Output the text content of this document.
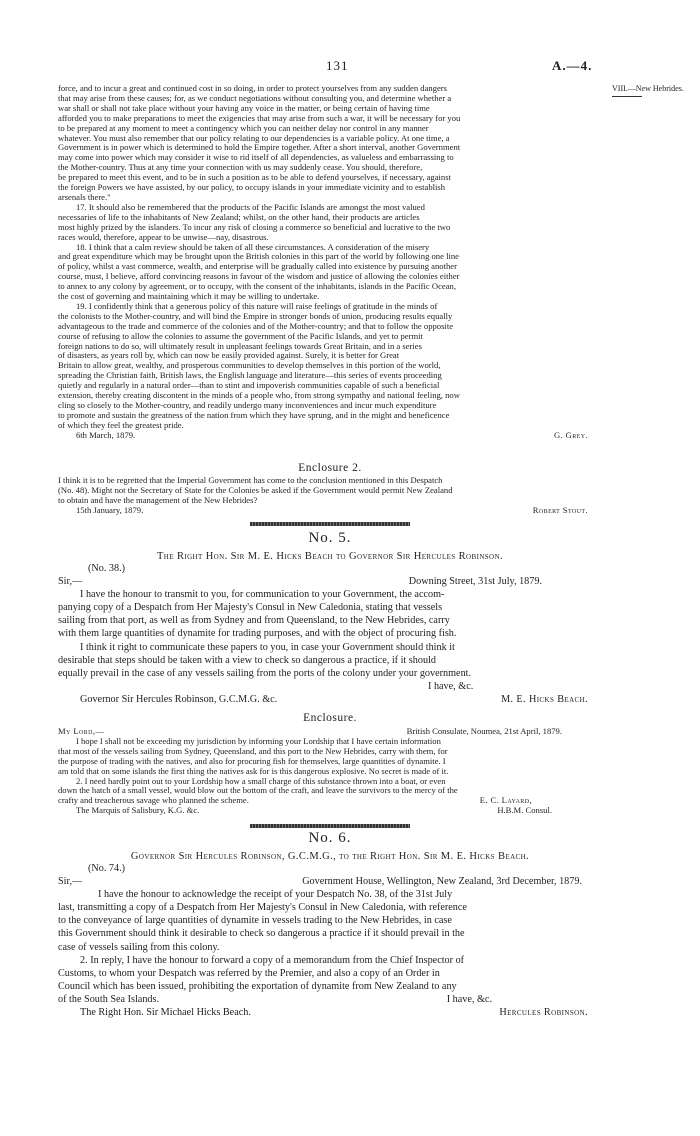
131	A.—4.
VIII.—New Hebrides.
force, and to incur a great and continued cost in so doing, in order to protect yourselves from any sudden dangers
that may arise from these causes; for, as we conduct negotiations without consulting you, and determine whether a
war shall or shall not take place without your having any voice in the matter, or being certain of having time
afforded you to make preparations to meet the exigencies that may arise from such a war, it will be necessary for you
to be prepared at any moment to meet a contingency which you can neither delay nor control in any manner
whatever. You must also remember that our policy relating to our dependencies is a variable policy. At one time, a
Government is in power which is determined to hold the Empire together. After a short interval, another Government
may come into power which may consider it wise to rid itself of all dependencies, as valueless and embarrassing to
the Mother-country. Thus at any time your connection with us may suddenly cease. You should, therefore,
be prepared to meet this event, and to be in such a position as to be able to defend yourselves, if necessary, against
the foreign Powers we have assisted, by our policy, to occupy islands in your immediate vicinity and to establish
arsenals there."
17. It should also be remembered that the products of the Pacific Islands are amongst the most valued
necessaries of life to the inhabitants of New Zealand; whilst, on the other hand, their products are articles
most highly prized by the islanders. To incur any risk of closing a commerce so beneficial and lucrative to the two
races would, therefore, appear to be unwise—nay, disastrous.
18. I think that a calm review should be taken of all these circumstances. A consideration of the misery
and great expenditure which may be brought upon the British colonies in this part of the world by following one line
of policy, whilst a vast commerce, wealth, and enterprise will be gradually called into existence by pursuing another
course, must, I believe, afford convincing reasons in favour of the wisdom and justice of allowing the colonies either
to annex to any colony by agreement, or to occupy, with the consent of the inhabitants, islands in the Pacific Ocean,
the cost of governing and maintaining which it may be willing to undertake.
19. I confidently think that a generous policy of this nature will raise feelings of gratitude in the minds of
the colonists to the Mother-country, and will bind the Empire in stronger bonds of union, producing results equally
advantageous to the trade and commerce of the colonies and of the Mother-country; and that to follow the opposite
course of refusing to allow the colonies to assume the government of the Pacific Islands, and yet to permit
foreign nations to do so, will ultimately result in unpleasant feelings towards Great Britain, and in a series
of disasters, as years roll by, which can now be easily provided against. Surely, it is better for Great
Britain to allow great, wealthy, and prosperous communities to develop themselves in this portion of the world,
spreading the Christian faith, British laws, the English language and literature—this series of events proceeding
quietly and regularly in a natural order—than to stint and impoverish communities capable of such a beneficial
extension, thereby creating discontent in the minds of a people who, from strong sympathy and national feeling, now
cling so closely to the Mother-country, and readily undergo many inconveniences and incur much expenditure
to promote and sustain the greatness of the nation from which they have sprung, and in the might and beneficence
of which they feel the greatest pride.
6th March, 1879.	G. Grey.
Enclosure 2.
I think it is to be regretted that the Imperial Government has come to the conclusion mentioned in this Despatch
(No. 48). Might not the Secretary of State for the Colonies be asked if the Government would permit New Zealand
to obtain and have the management of the New Hebrides?
15th January, 1879.	Robert Stout.
No. 5.
The Right Hon. Sir M. E. Hicks Beach to Governor Sir Hercules Robinson.
(No. 38.)
Sir,—	Downing Street, 31st July, 1879.
I have the honour to transmit to you, for communication to your Government, the accom-
panying copy of a Despatch from Her Majesty's Consul in New Caledonia, stating that vessels
sailing from that port, as well as from Sydney and from Queensland, to the New Hebrides, carry
with them large quantities of dynamite for trading purposes, and with the object of procuring fish.
I think it right to communicate these papers to you, in case your Government should think it
desirable that steps should be taken with a view to check so dangerous a practice, if it should
equally prevail in the case of any vessels sailing from the ports of the colony under your government.
I have, &c.
Governor Sir Hercules Robinson, G.C.M.G. &c.	M. E. Hicks Beach.
Enclosure.
My Lord,—	British Consulate, Noumea, 21st April, 1879.
I hope I shall not be exceeding my jurisdiction by informing your Lordship that I have certain information
that most of the vessels sailing from Sydney, Queensland, and this port to the New Hebrides, carry with them, for
the purpose of trading with the natives, and also for procuring fish for themselves, large quantities of dynamite. I
am told that on some islands the first thing the natives ask for is this dangerous explosive. No secret is made of it.
2. I need hardly point out to your Lordship how a small charge of this substance thrown into a boat, or even
down the hatch of a small vessel, would blow out the bottom of the craft, and leave the survivors to the mercy of the
crafty and treacherous savage who planned the scheme.	E. C. Layard,
The Marquis of Salisbury, K.G. &c.	H.B.M. Consul.
No. 6.
Governor Sir Hercules Robinson, G.C.M.G., to the Right Hon. Sir M. E. Hicks Beach.
(No. 74.)
Sir,—	Government House, Wellington, New Zealand, 3rd December, 1879.
I have the honour to acknowledge the receipt of your Despatch No. 38, of the 31st July
last, transmitting a copy of a Despatch from Her Majesty's Consul in New Caledonia, with reference
to the conveyance of large quantities of dynamite in vessels trading to the New Hebrides, in case
this Government should think it desirable to check so dangerous a practice if it should prevail in the
case of vessels sailing from this colony.
2. In reply, I have the honour to forward a copy of a memorandum from the Chief Inspector of
Customs, to whom your Despatch was referred by the Premier, and also a copy of an Order in
Council which has been issued, prohibiting the exportation of dynamite from New Zealand to any
of the South Sea Islands.	I have, &c.
The Right Hon. Sir Michael Hicks Beach.	Hercules Robinson.
